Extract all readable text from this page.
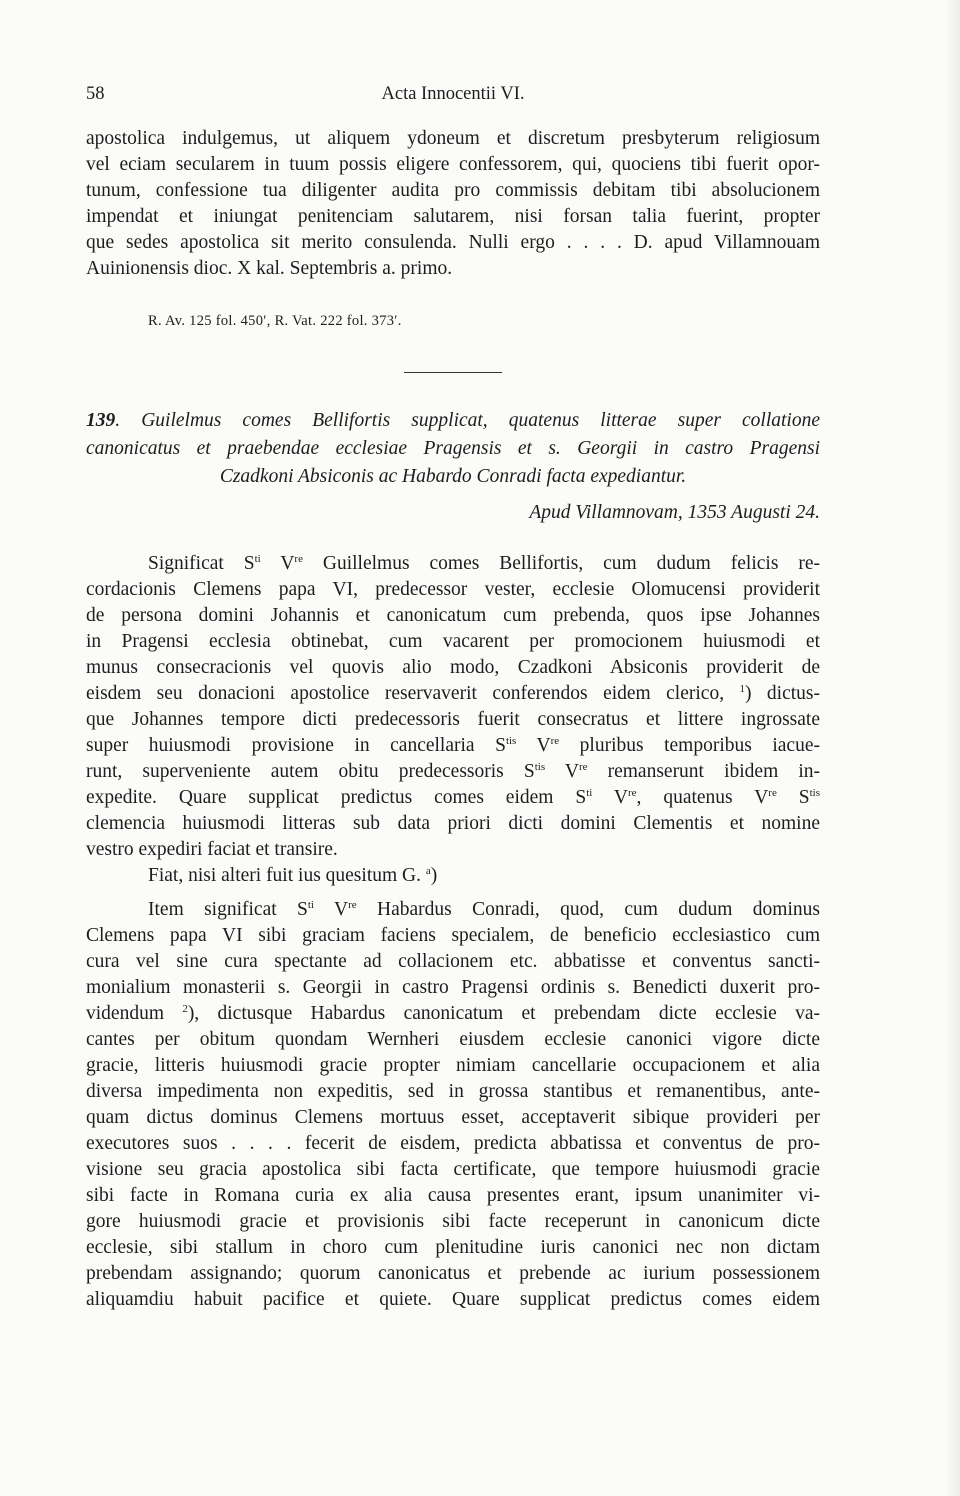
58	Acta Innocentii VI.
apostolica indulgemus, ut aliquem ydoneum et discretum presbyterum religiosum
vel eciam secularem in tuum possis eligere confessorem, qui, quociens tibi fuerit opor-
tunum, confessione tua diligenter audita pro commissis debitam tibi absolucionem
impendat et iniungat penitenciam salutarem, nisi forsan talia fuerint, propter
que sedes apostolica sit merito consulenda. Nulli ergo . . . . D. apud Villamnouam
Auinionensis dioc. X kal. Septembris a. primo.
R. Av. 125 fol. 450′, R. Vat. 222 fol. 373′.
139. Guilelmus comes Bellifortis supplicat, quatenus litterae super collatione
canonicatus et praebendae ecclesiae Pragensis et s. Georgii in castro Pragensi
Czadkoni Absiconis ac Habardo Conradi facta expediantur.
Apud Villamnovam, 1353 Augusti 24.
Significat $S^{ti}$ Vre Guillelmus comes Bellifortis, cum dudum felicis re-
cordacionis Clemens papa VI, predecessor vester, ecclesie Olomucensi providerit
de persona domini Johannis et canonicatum cum prebenda, quos ipse Johannes
in Pragensi ecclesia obtinebat, cum vacarent per promocionem huiusmodi et
munus consecracionis vel quovis alio modo, Czadkoni Absiconis providerit de
eisdem seu donacioni apostolice reservaverit conferendos eidem clerico, $^1$) dictus-
que Johannes tempore dicti predecessoris fuerit consecratus et littere ingrossate
super huiusmodi provisione in cancellaria $S^{tis}$ Vre pluribus temporibus iacue-
runt, superveniente autem obitu predecessoris $S^{tis}$ Vre remanserunt ibidem in-
expedite. Quare supplicat predictus comes eidem $S^{ti}$ Vre, quatenus Vre $S^{tis}$
clemencia huiusmodi litteras sub data priori dicti domini Clementis et nomine
vestro expediri faciat et transire.
Fiat, nisi alteri fuit ius quesitum G. $^a$)
Item significat $S^{ti}$ Vre Habardus Conradi, quod, cum dudum dominus
Clemens papa VI sibi graciam faciens specialem, de beneficio ecclesiastico cum
cura vel sine cura spectante ad collacionem etc. abbatisse et conventus sancti-
monialium monasterii s. Georgii in castro Pragensi ordinis s. Benedicti duxerit pro-
videndum $^2$), dictusque Habardus canonicatum et prebendam dicte ecclesie va-
cantes per obitum quondam Wernheri eiusdem ecclesie canonici vigore dicte
gracie, litteris huiusmodi gracie propter nimiam cancellarie occupacionem et alia
diversa impedimenta non expeditis, sed in grossa stantibus et remanentibus, ante-
quam dictus dominus Clemens mortuus esset, acceptaverit sibique provideri per
executores suos . . . . fecerit de eisdem, predicta abbatissa et conventus de pro-
visione seu gracia apostolica sibi facta certificate, que tempore huiusmodi gracie
sibi facte in Romana curia ex alia causa presentes erant, ipsum unanimiter vi-
gore huiusmodi gracie et provisionis sibi facte receperunt in canonicum dicte
ecclesie, sibi stallum in choro cum plenitudine iuris canonici nec non dictam
prebendam assignando; quorum canonicatus et prebende ac iurium possessionem
aliquamdiu habuit pacifice et quiete. Quare supplicat predictus comes eidem
